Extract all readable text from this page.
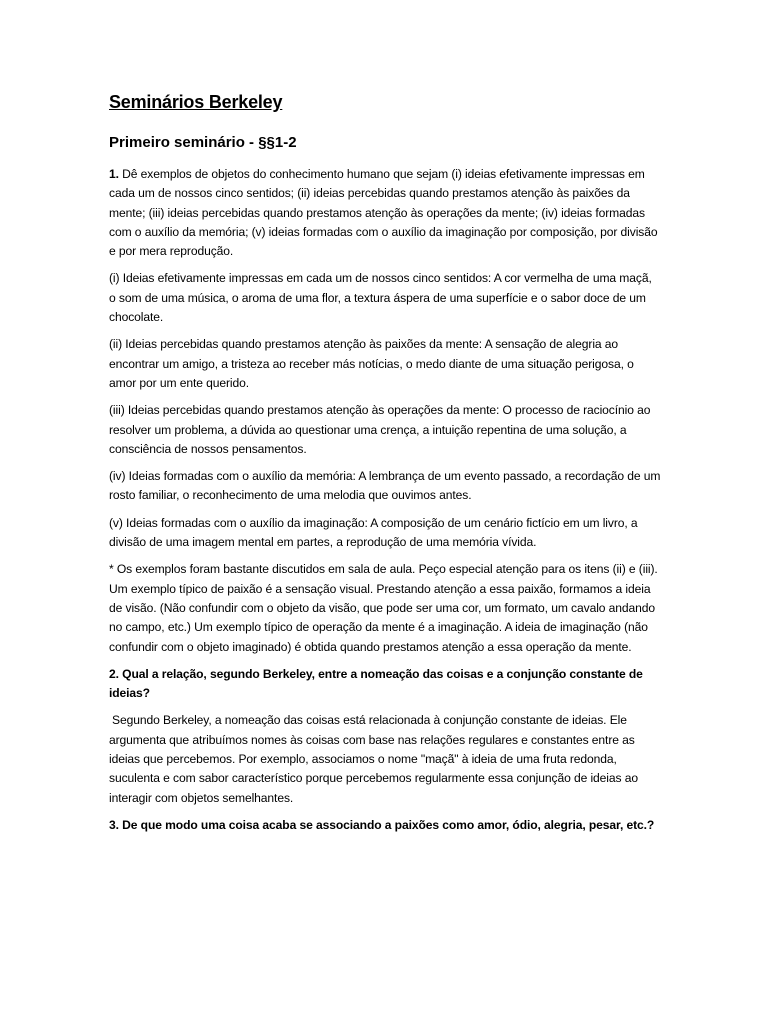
Seminários Berkeley
Primeiro seminário - §§1-2

1. Dê exemplos de objetos do conhecimento humano que sejam (i) ideias efetivamente impressas em cada um de nossos cinco sentidos; (ii) ideias percebidas quando prestamos atenção às paixões da mente; (iii) ideias percebidas quando prestamos atenção às operações da mente; (iv) ideias formadas com o auxílio da memória; (v) ideias formadas com o auxílio da imaginação por composição, por divisão e por mera reprodução.

(i) Ideias efetivamente impressas em cada um de nossos cinco sentidos: A cor vermelha de uma maçã, o som de uma música, o aroma de uma flor, a textura áspera de uma superfície e o sabor doce de um chocolate.

(ii) Ideias percebidas quando prestamos atenção às paixões da mente: A sensação de alegria ao encontrar um amigo, a tristeza ao receber más notícias, o medo diante de uma situação perigosa, o amor por um ente querido.

(iii) Ideias percebidas quando prestamos atenção às operações da mente: O processo de raciocínio ao resolver um problema, a dúvida ao questionar uma crença, a intuição repentina de uma solução, a consciência de nossos pensamentos.

(iv) Ideias formadas com o auxílio da memória: A lembrança de um evento passado, a recordação de um rosto familiar, o reconhecimento de uma melodia que ouvimos antes.

(v) Ideias formadas com o auxílio da imaginação: A composição de um cenário fictício em um livro, a divisão de uma imagem mental em partes, a reprodução de uma memória vívida.

* Os exemplos foram bastante discutidos em sala de aula. Peço especial atenção para os itens (ii) e (iii). Um exemplo típico de paixão é a sensação visual. Prestando atenção a essa paixão, formamos a ideia de visão. (Não confundir com o objeto da visão, que pode ser uma cor, um formato, um cavalo andando no campo, etc.) Um exemplo típico de operação da mente é a imaginação. A ideia de imaginação (não confundir com o objeto imaginado) é obtida quando prestamos atenção a essa operação da mente.

2. Qual a relação, segundo Berkeley, entre a nomeação das coisas e a conjunção constante de ideias?

Segundo Berkeley, a nomeação das coisas está relacionada à conjunção constante de ideias. Ele argumenta que atribuímos nomes às coisas com base nas relações regulares e constantes entre as ideias que percebemos. Por exemplo, associamos o nome "maçã" à ideia de uma fruta redonda, suculenta e com sabor característico porque percebemos regularmente essa conjunção de ideias ao interagir com objetos semelhantes.

3. De que modo uma coisa acaba se associando a paixões como amor, ódio, alegria, pesar, etc.?
